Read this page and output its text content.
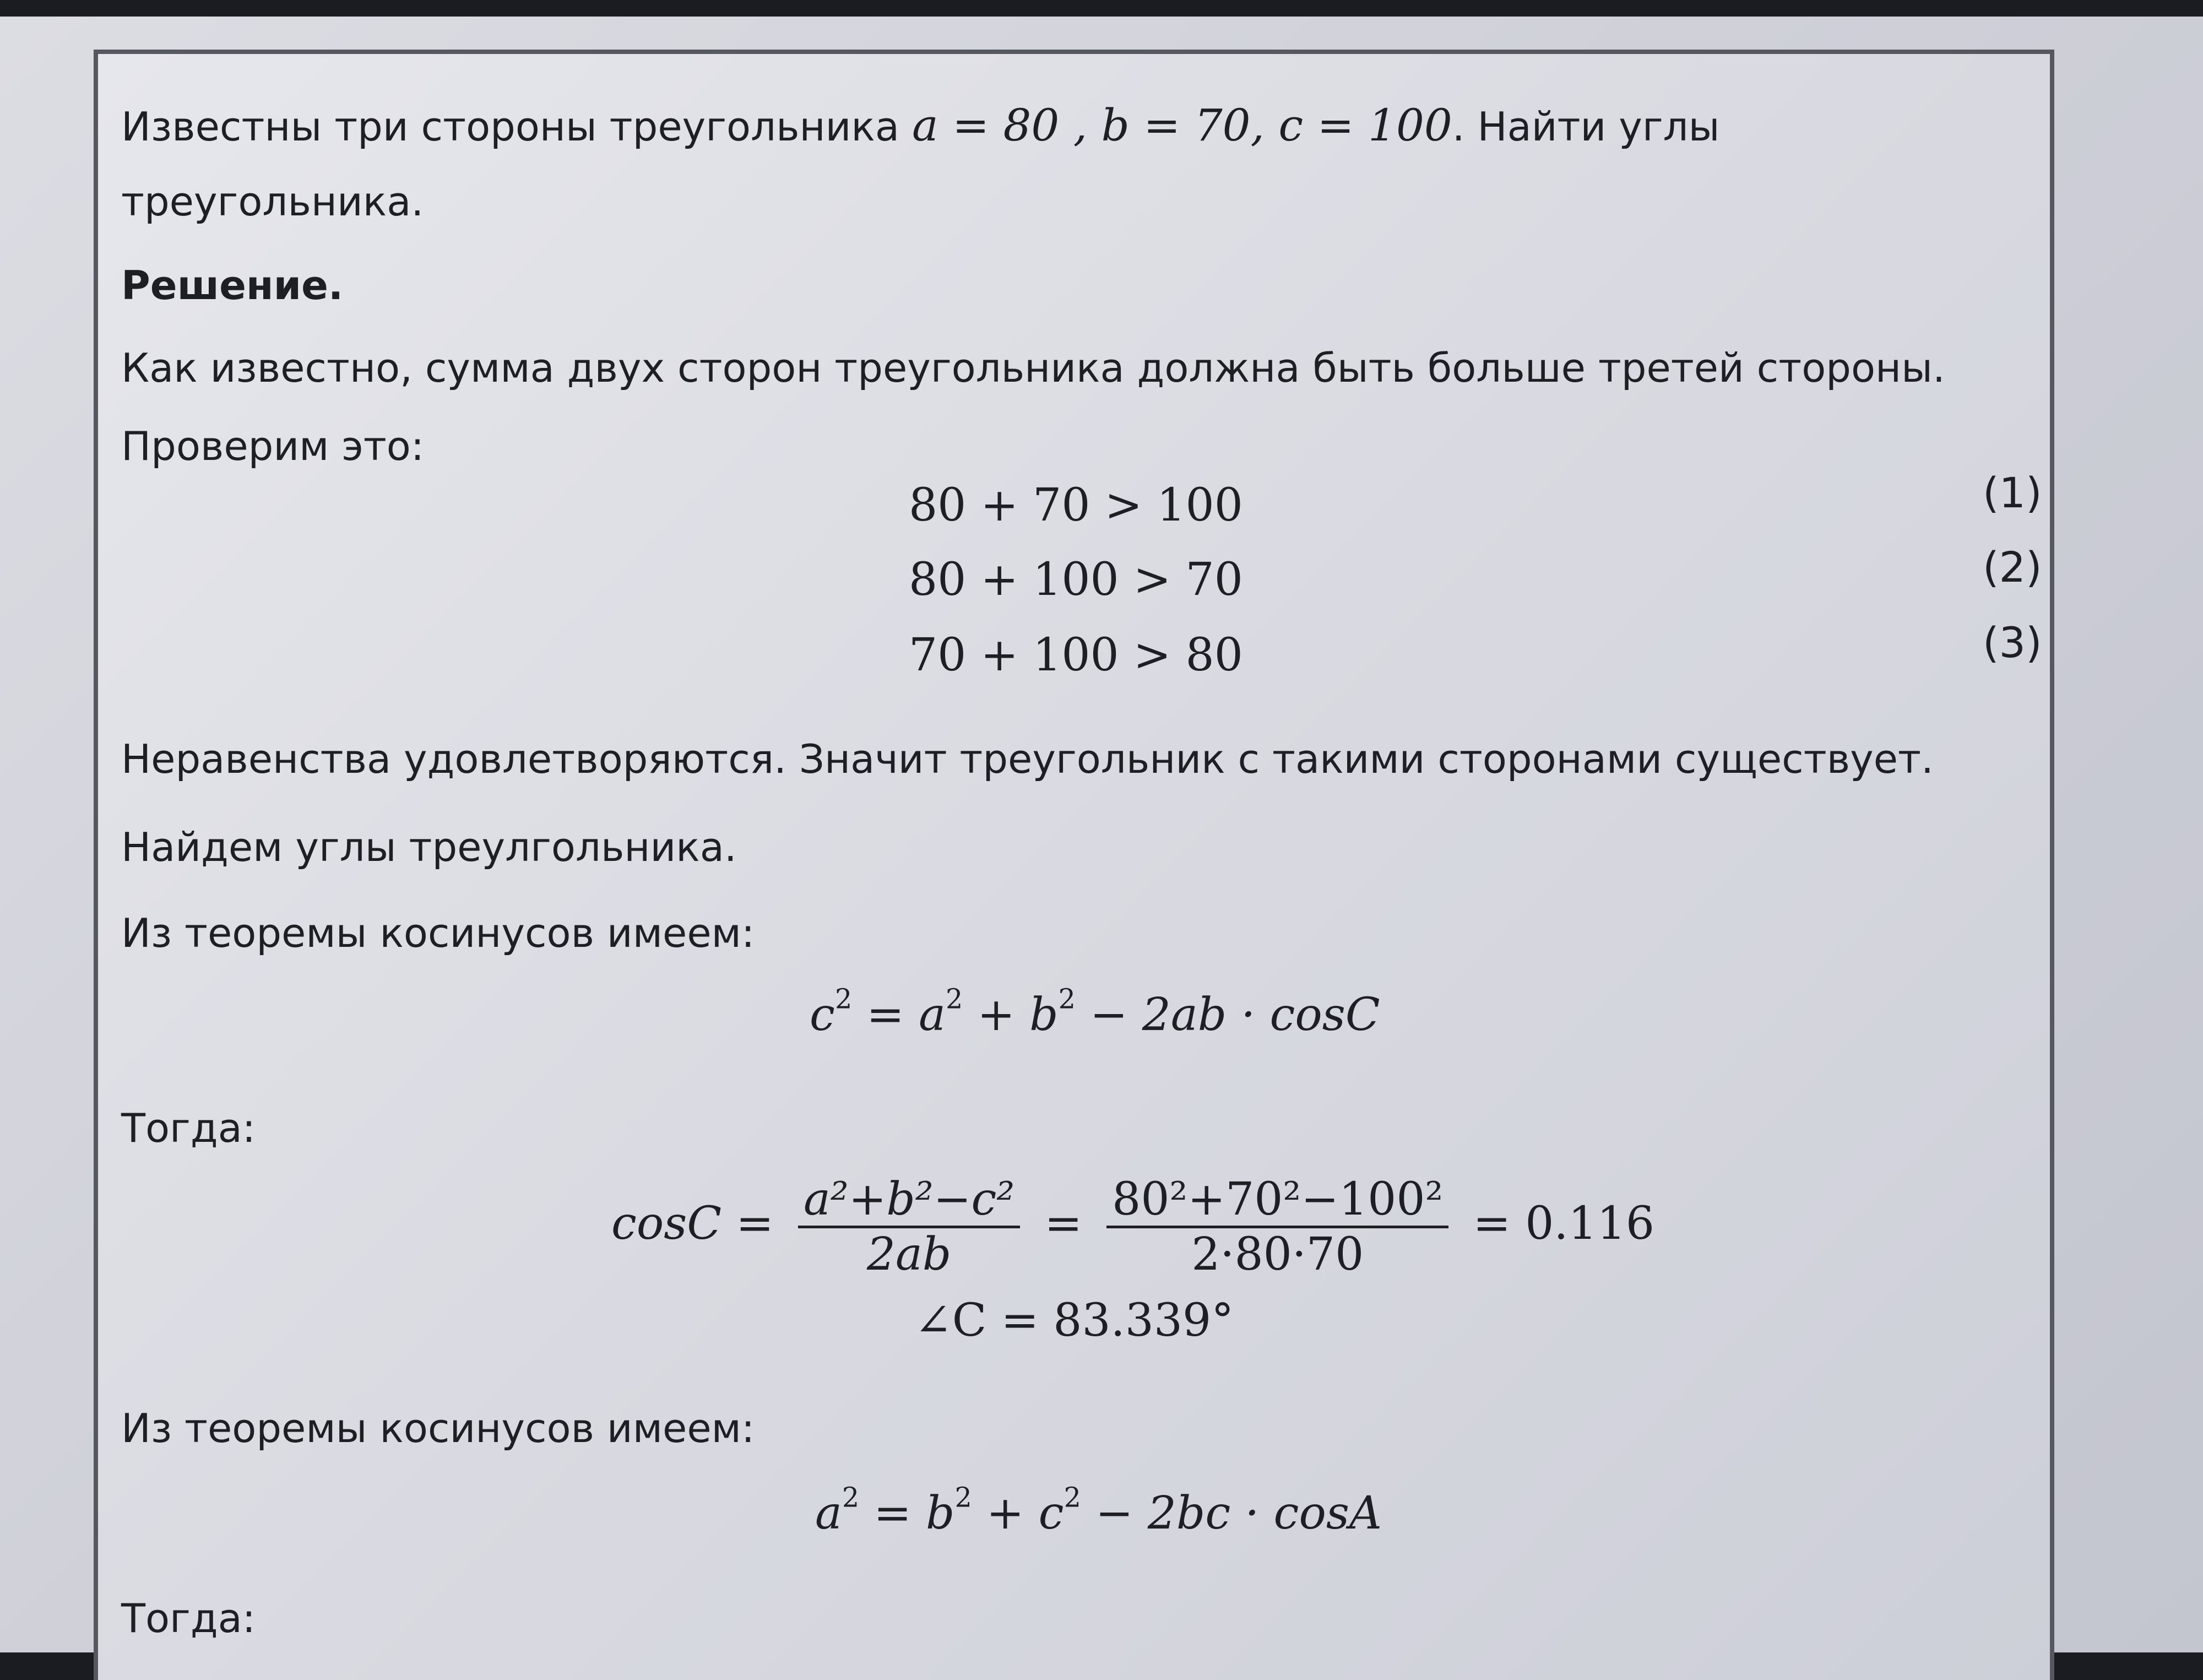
Известны три стороны треугольника a = 80 , b = 70, c = 100. Найти углы

треугольника.

Решение.

Как известно, сумма двух сторон треугольника должна быть больше третей стороны.

Проверим это:

80 + 70 > 100	(1)
80 + 100 > 70	(2)
70 + 100 > 80	(3)

Неравенства удовлетворяются. Значит треугольник с такими сторонами существует.

Найдем углы треулгольника.

Из теоремы косинусов имеем:

$c^2 = a^2 + b^2 - 2ab \cdot \cos C$

Тогда:

$\cos C = \frac{\text{a²+b²−c²}}{2ab} = \frac{\text{80²+70²−100²}}{2\cdot 80\cdot 70} = 0.116$
∠C = 83.339°

Из теоремы косинусов имеем:

$a^2 = b^2 + c^2 - 2bc \cdot \cos A$

Тогда:
